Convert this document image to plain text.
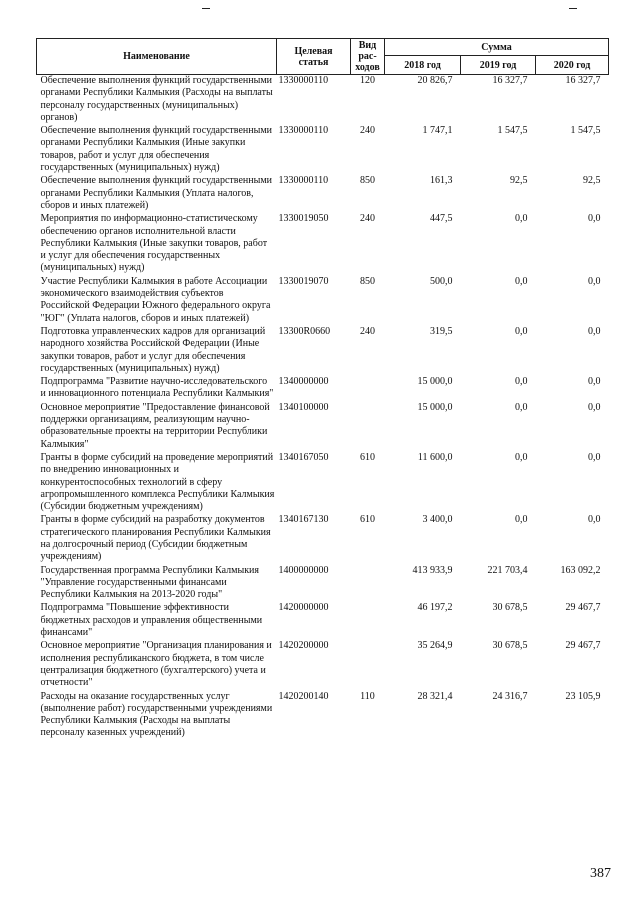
Наименование	Целевая статья	Вид рас-ходов	Сумма		
			2018 год	2019 год	2020 год
Обеспечение выполнения функций государственными органами Республики Калмыкия (Расходы на выплаты персоналу государственных (муниципальных) органов)	1330000110	120	20 826,7	16 327,7	16 327,7
Обеспечение выполнения функций государственными органами Республики Калмыкия (Иные закупки товаров, работ и услуг для обеспечения государственных (муниципальных) нужд)	1330000110	240	1 747,1	1 547,5	1 547,5
Обеспечение выполнения функций государственными органами Республики Калмыкия (Уплата налогов, сборов и иных платежей)	1330000110	850	161,3	92,5	92,5
Мероприятия по информационно-статистическому обеспечению органов исполнительной власти Республики Калмыкия (Иные закупки товаров, работ и услуг для обеспечения государственных (муниципальных) нужд)	1330019050	240	447,5	0,0	0,0
Участие Республики Калмыкия в работе Ассоциации экономического взаимодействия субъектов Российской Федерации Южного федерального округа "ЮГ" (Уплата налогов, сборов и иных платежей)	1330019070	850	500,0	0,0	0,0
Подготовка управленческих кадров для организаций народного хозяйства Российской Федерации (Иные закупки товаров, работ и услуг для обеспечения государственных (муниципальных) нужд)	13300R0660	240	319,5	0,0	0,0
Подпрограмма "Развитие научно-исследовательского и инновационного потенциала Республики Калмыкия"	1340000000		15 000,0	0,0	0,0
Основное мероприятие "Предоставление финансовой поддержки организациям, реализующим научно-образовательные проекты на территории Республики Калмыкия"	1340100000		15 000,0	0,0	0,0
Гранты в форме субсидий на проведение мероприятий по внедрению инновационных и конкурентоспособных технологий в сферу агропромышленного комплекса Республики Калмыкия (Субсидии бюджетным учреждениям)	1340167050	610	11 600,0	0,0	0,0
Гранты в форме субсидий на разработку документов стратегического планирования Республики Калмыкия на долгосрочный период (Субсидии бюджетным учреждениям)	1340167130	610	3 400,0	0,0	0,0
Государственная программа Республики Калмыкия "Управление государственными финансами Республики Калмыкия на 2013-2020 годы"	1400000000		413 933,9	221 703,4	163 092,2
Подпрограмма "Повышение эффективности бюджетных расходов и управления общественными финансами"	1420000000		46 197,2	30 678,5	29 467,7
Основное мероприятие "Организация планирования и исполнения республиканского бюджета, в том числе централизация бюджетного (бухгалтерского) учета и отчетности"	1420200000		35 264,9	30 678,5	29 467,7
Расходы на оказание государственных услуг (выполнение работ) государственными учреждениями Республики Калмыкия (Расходы на выплаты персоналу казенных учреждений)	1420200140	110	28 321,4	24 316,7	23 105,9
387
